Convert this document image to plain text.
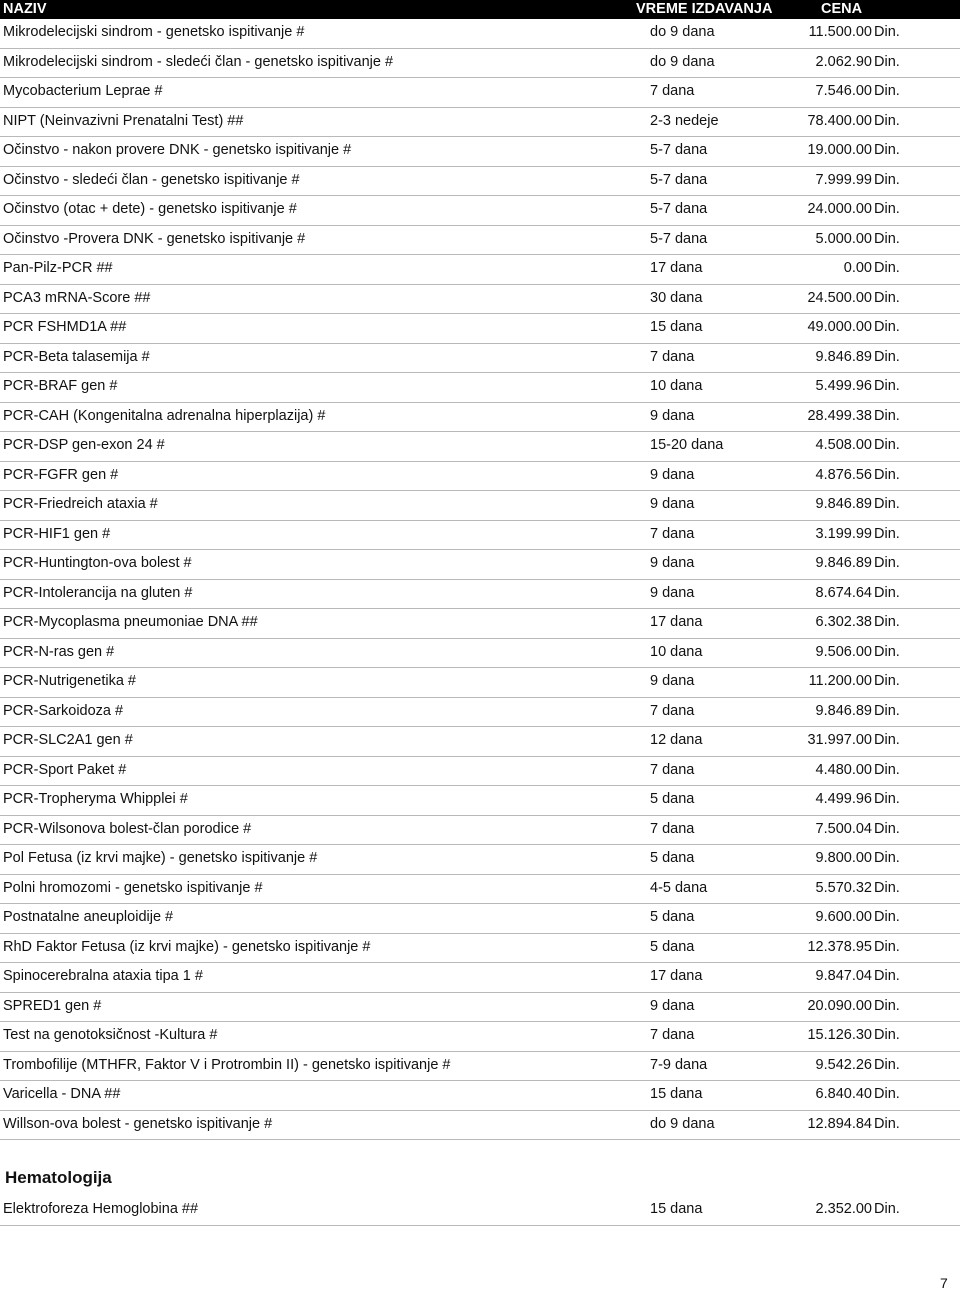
NAZIV	VREME IZDAVANJA	CENA
Mikrodelecijski sindrom - genetsko ispitivanje #	do 9 dana	11.500.00 Din.
Mikrodelecijski sindrom - sledeći član - genetsko ispitivanje #	do 9 dana	2.062.90 Din.
Mycobacterium Leprae #	7 dana	7.546.00 Din.
NIPT (Neinvazivni Prenatalni Test) ##	2-3 nedeje	78.400.00 Din.
Očinstvo - nakon provere DNK - genetsko ispitivanje #	5-7 dana	19.000.00 Din.
Očinstvo - sledeći član - genetsko ispitivanje #	5-7 dana	7.999.99 Din.
Očinstvo (otac + dete) - genetsko ispitivanje #	5-7 dana	24.000.00 Din.
Očinstvo -Provera DNK - genetsko ispitivanje #	5-7 dana	5.000.00 Din.
Pan-Pilz-PCR ##	17 dana	0.00 Din.
PCA3 mRNA-Score ##	30 dana	24.500.00 Din.
PCR FSHMD1A ##	15 dana	49.000.00 Din.
PCR-Beta talasemija #	7 dana	9.846.89 Din.
PCR-BRAF gen #	10 dana	5.499.96 Din.
PCR-CAH (Kongenitalna adrenalna hiperplazija) #	9 dana	28.499.38 Din.
PCR-DSP gen-exon 24 #	15-20 dana	4.508.00 Din.
PCR-FGFR gen #	9 dana	4.876.56 Din.
PCR-Friedreich ataxia #	9 dana	9.846.89 Din.
PCR-HIF1 gen #	7 dana	3.199.99 Din.
PCR-Huntington-ova bolest #	9 dana	9.846.89 Din.
PCR-Intolerancija na gluten #	9 dana	8.674.64 Din.
PCR-Mycoplasma pneumoniae DNA ##	17 dana	6.302.38 Din.
PCR-N-ras gen #	10 dana	9.506.00 Din.
PCR-Nutrigenetika #	9 dana	11.200.00 Din.
PCR-Sarkoidoza #	7 dana	9.846.89 Din.
PCR-SLC2A1 gen #	12 dana	31.997.00 Din.
PCR-Sport Paket #	7 dana	4.480.00 Din.
PCR-Tropheryma Whipplei #	5 dana	4.499.96 Din.
PCR-Wilsonova bolest-član porodice #	7 dana	7.500.04 Din.
Pol Fetusa (iz krvi majke) - genetsko ispitivanje #	5 dana	9.800.00 Din.
Polni hromozomi - genetsko ispitivanje #	4-5 dana	5.570.32 Din.
Postnatalne aneuploidije #	5 dana	9.600.00 Din.
RhD Faktor Fetusa (iz krvi majke) - genetsko ispitivanje #	5 dana	12.378.95 Din.
Spinocerebralna ataxia tipa 1 #	17 dana	9.847.04 Din.
SPRED1 gen #	9 dana	20.090.00 Din.
Test na genotoksičnost -Kultura #	7 dana	15.126.30 Din.
Trombofilije (MTHFR, Faktor V i Protrombin II) - genetsko ispitivanje #	7-9 dana	9.542.26 Din.
Varicella - DNA ##	15 dana	6.840.40 Din.
Willson-ova bolest - genetsko ispitivanje #	do 9 dana	12.894.84 Din.
Hematologija
Elektroforeza Hemoglobina ##	15 dana	2.352.00 Din.
7
